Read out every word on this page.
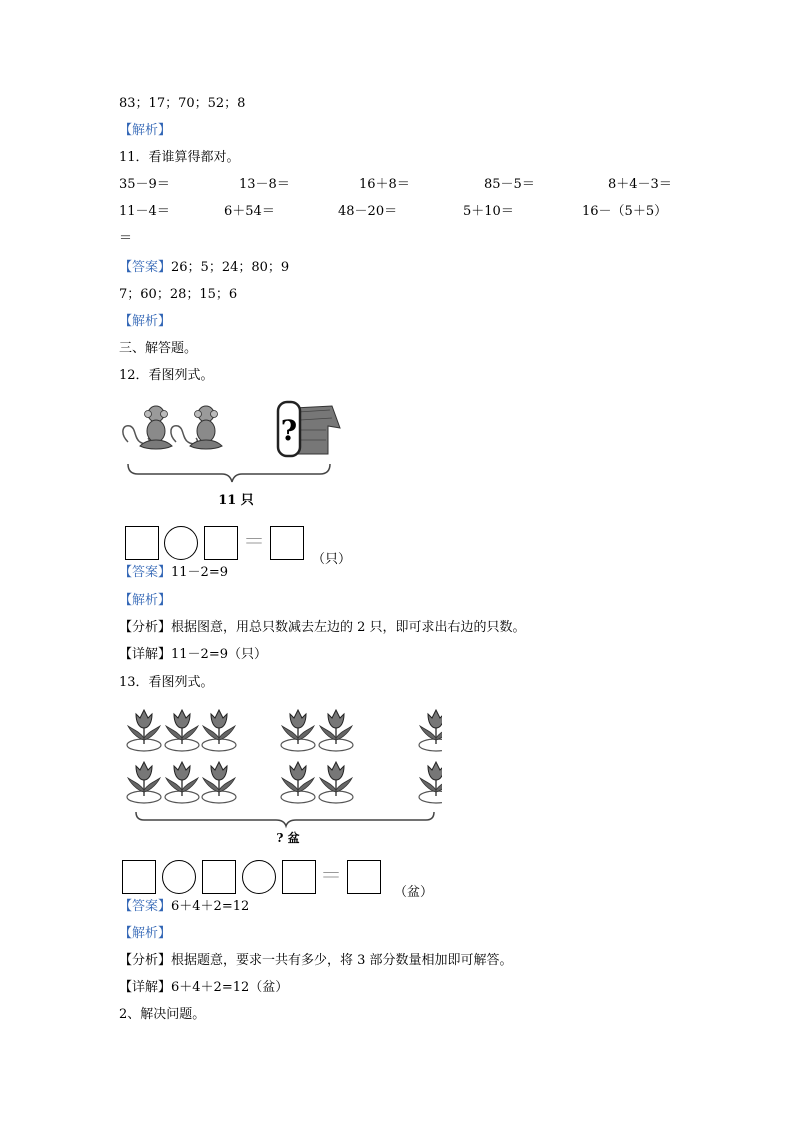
83；17；70；52；8
【解析】
11．看谁算得都对。
35－9＝	13－8＝	16＋8＝	85－5＝	8＋4－3＝
11－4＝	6＋54＝	48－20＝	5＋10＝	16－（5＋5）
＝
【答案】26；5；24；80；9
7；60；28；15；6
【解析】
三、解答题。
12．看图列式。
?
11 只
＝
（只）
【答案】11－2=9
【解析】
【分析】根据图意，用总只数减去左边的 2 只，即可求出右边的只数。
【详解】11－2=9（只）
13．看图列式。
? 盆
＝
（盆）
【答案】6＋4＋2=12
【解析】
【分析】根据题意，要求一共有多少，将 3 部分数量相加即可解答。
【详解】6＋4＋2=12（盆）
2、解决问题。
